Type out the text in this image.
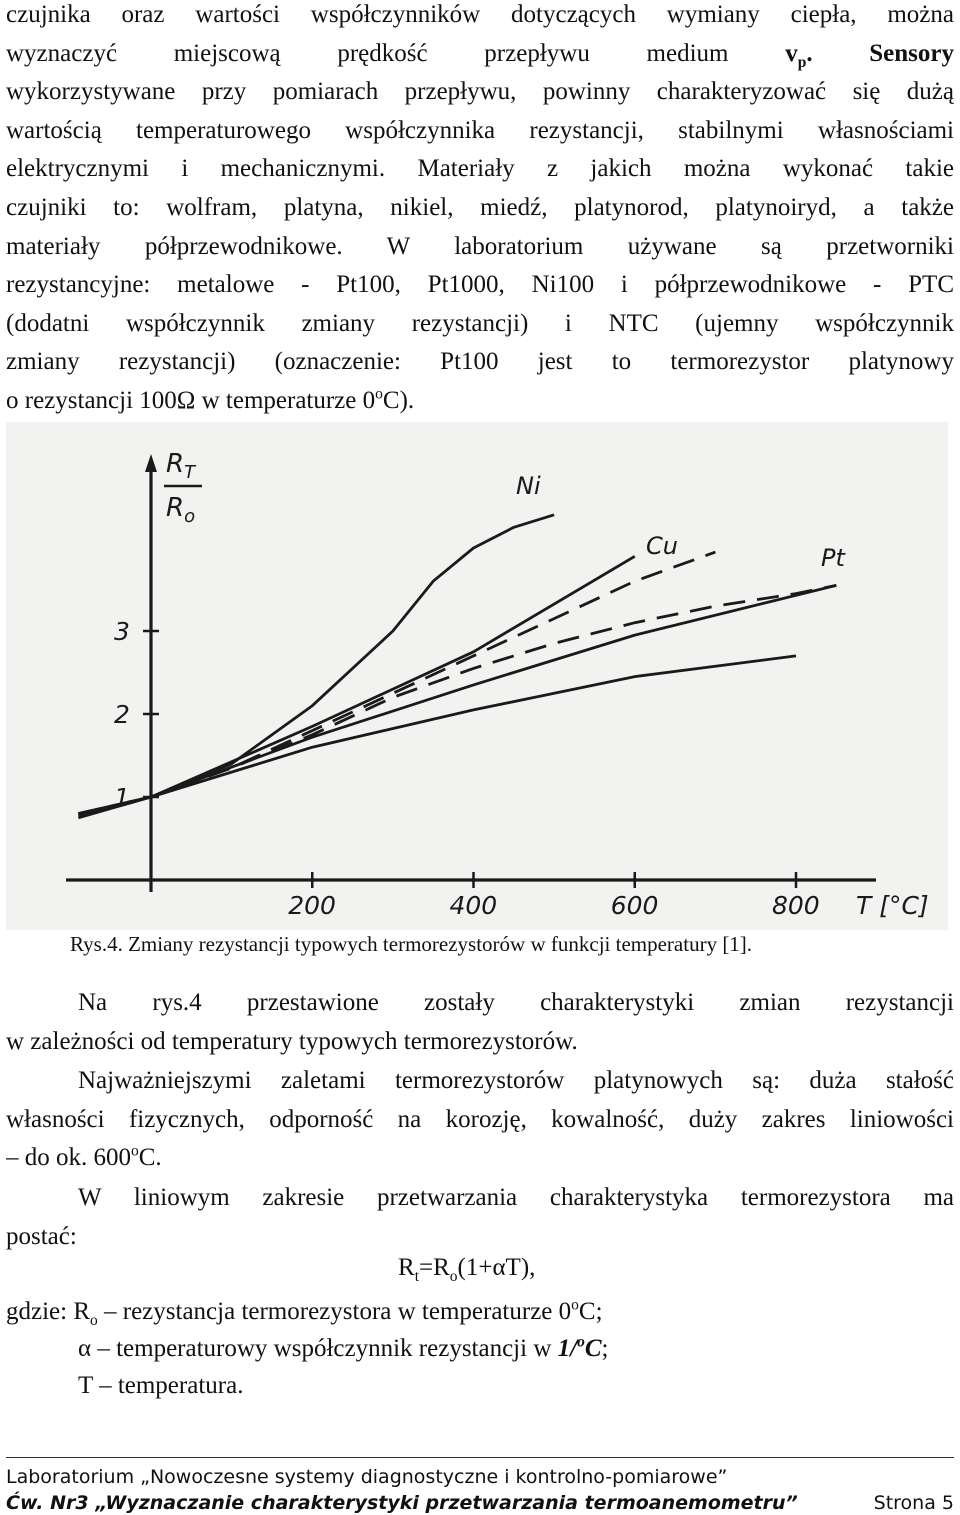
czujnika oraz wartości współczynników dotyczących wymiany ciepła, można
wyznaczyć miejscową prędkość przepływu medium $v_p$. Sensory
wykorzystywane przy pomiarach przepływu, powinny charakteryzować się dużą
wartością temperaturowego współczynnika rezystancji, stabilnymi własnościami
elektrycznymi i mechanicznymi. Materiały z jakich można wykonać takie
czujniki to: wolfram, platyna, nikiel, miedź, platynorod, platynoiryd, a także
materiały półprzewodnikowe. W laboratorium używane są przetworniki
rezystancyjne: metalowe - Pt100, Pt1000, Ni100 i półprzewodnikowe - PTC
(dodatni współczynnik zmiany rezystancji) i NTC (ujemny współczynnik
zmiany rezystancji) (oznaczenie: Pt100 jest to termorezystor platynowy
o rezystancji 100Ω w temperaturze 0$^o$C).
$R_T$
$R_o$
200	400	600	800
1
2
3
Ni
Cu	Pt
T [°C]
Rys.4. Zmiany rezystancji typowych termorezystorów w funkcji temperatury [1].
Na rys.4 przestawione zostały charakterystyki zmian rezystancji
w zależności od temperatury typowych termorezystorów.
Najważniejszymi zaletami termorezystorów platynowych są: duża stałość
własności fizycznych, odporność na korozję, kowalność, duży zakres liniowości
– do ok. 600$^o$C.
W liniowym zakresie przetwarzania charakterystyka termorezystora ma
postać:
$R_t=R_o(1+\alpha T)$,
gdzie: $R_o$ – rezystancja termorezystora w temperaturze 0$^o$C;
α – temperaturowy współczynnik rezystancji w 1/$^o$C;
T – temperatura.
Laboratorium „Nowoczesne systemy diagnostyczne i kontrolno-pomiarowe”
Ćw. Nr3 „Wyznaczanie charakterystyki przetwarzania termoanemometru”	Strona 5
